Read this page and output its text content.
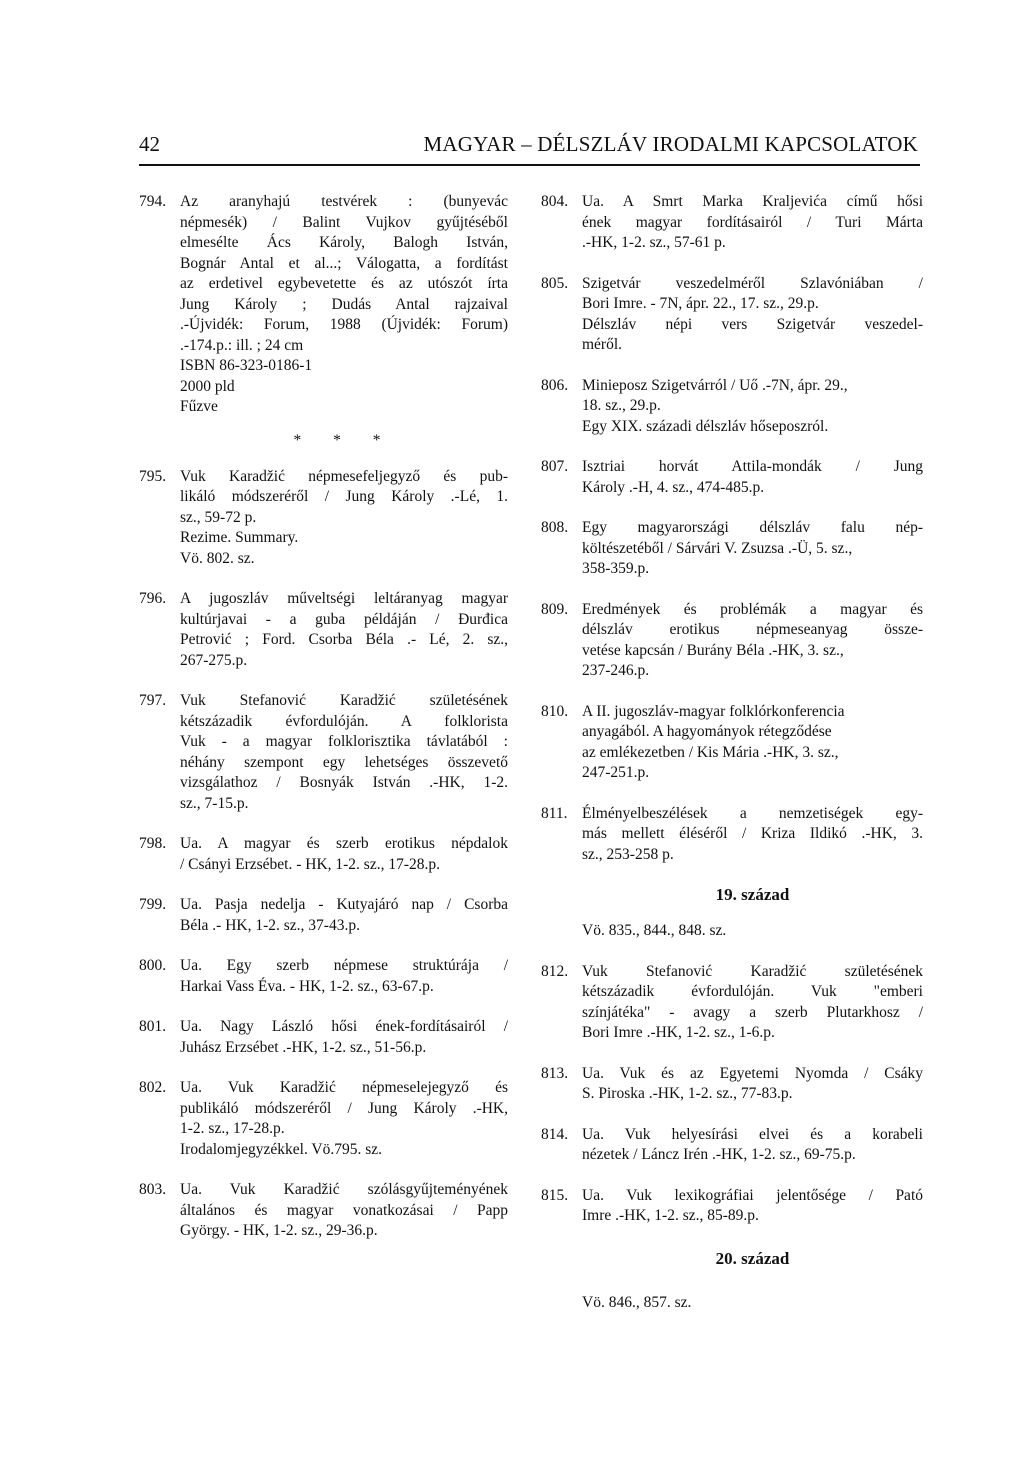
42	MAGYAR – DÉLSZLÁV IRODALMI KAPCSOLATOK
794. Az aranyhajú testvérek : (bunyevác
népmesék) / Balint Vujkov gyűjtéséből
elmesélte Ács Károly, Balogh István,
Bognár Antal et al...; Válogatta, a fordítást
az erdetivel egybevetette és az utószót írta
Jung Károly ; Dudás Antal rajzaival
.-Újvidék: Forum, 1988 (Újvidék: Forum)
.-174.p.: ill. ; 24 cm
ISBN 86-323-0186-1
2000 pld
Fűzve
* * *
795. Vuk Karadžić népmesefeljegyző és pub-
likáló módszeréről / Jung Károly .-Lé, 1.
sz., 59-72 p.
Rezime. Summary.
Vö. 802. sz.
796. A jugoszláv műveltségi leltáranyag magyar
kultúrjavai - a guba példáján / Đurđica
Petrović ; Ford. Csorba Béla .- Lé, 2. sz.,
267-275.p.
797. Vuk Stefanović Karadžić születésének
kétszázadik évfordulóján. A folklorista
Vuk - a magyar folklorisztika távlatából :
néhány szempont egy lehetséges összevető
vizsgálathoz / Bosnyák István .-HK, 1-2.
sz., 7-15.p.
798. Ua. A magyar és szerb erotikus népdalok
/ Csányi Erzsébet. - HK, 1-2. sz., 17-28.p.
799. Ua. Pasja nedelja - Kutyajáró nap / Csorba
Béla .- HK, 1-2. sz., 37-43.p.
800. Ua. Egy szerb népmese struktúrája /
Harkai Vass Éva. - HK, 1-2. sz., 63-67.p.
801. Ua. Nagy László hősi ének-fordításairól /
Juhász Erzsébet .-HK, 1-2. sz., 51-56.p.
802. Ua. Vuk Karadžić népmeselejegyző és
publikáló módszeréről / Jung Károly .-HK,
1-2. sz., 17-28.p.
Irodalomjegyzékkel. Vö.795. sz.
803. Ua. Vuk Karadžić szólásgyűjteményének
általános és magyar vonatkozásai / Papp
György. - HK, 1-2. sz., 29-36.p.
804. Ua. A Smrt Marka Kraljevića című hősi
ének magyar fordításairól / Turi Márta
.-HK, 1-2. sz., 57-61 p.
805. Szigetvár veszedelméről Szlavóniában /
Bori Imre. - 7N, ápr. 22., 17. sz., 29.p.
Délszláv népi vers Szigetvár veszedel-
méről.
806. Minieposz Szigetvárról / Uő .-7N, ápr. 29.,
18. sz., 29.p.
Egy XIX. századi délszláv hőseposzról.
807. Isztriai horvát Attila-mondák / Jung
Károly .-H, 4. sz., 474-485.p.
808. Egy magyarországi délszláv falu nép-
költészetéből / Sárvári V. Zsuzsa .-Ü, 5. sz.,
358-359.p.
809. Eredmények és problémák a magyar és
délszláv erotikus népmeseanyag össze-
vetése kapcsán / Burány Béla .-HK, 3. sz.,
237-246.p.
810. A II. jugoszláv-magyar folklórkonferencia
anyagából. A hagyományok rétegződése
az emlékezetben / Kis Mária .-HK, 3. sz.,
247-251.p.
811. Élményelbeszélések a nemzetiségek egy-
más mellett éléséről / Kriza Ildikó .-HK, 3.
sz., 253-258 p.
19. század
Vö. 835., 844., 848. sz.
812. Vuk Stefanović Karadžić születésének
kétszázadik évfordulóján. Vuk "emberi
színjátéka" - avagy a szerb Plutarkhosz /
Bori Imre .-HK, 1-2. sz., 1-6.p.
813. Ua. Vuk és az Egyetemi Nyomda / Csáky
S. Piroska .-HK, 1-2. sz., 77-83.p.
814. Ua. Vuk helyesírási elvei és a korabeli
nézetek / Láncz Irén .-HK, 1-2. sz., 69-75.p.
815. Ua. Vuk lexikográfiai jelentősége / Pató
Imre .-HK, 1-2. sz., 85-89.p.
20. század
Vö. 846., 857. sz.
